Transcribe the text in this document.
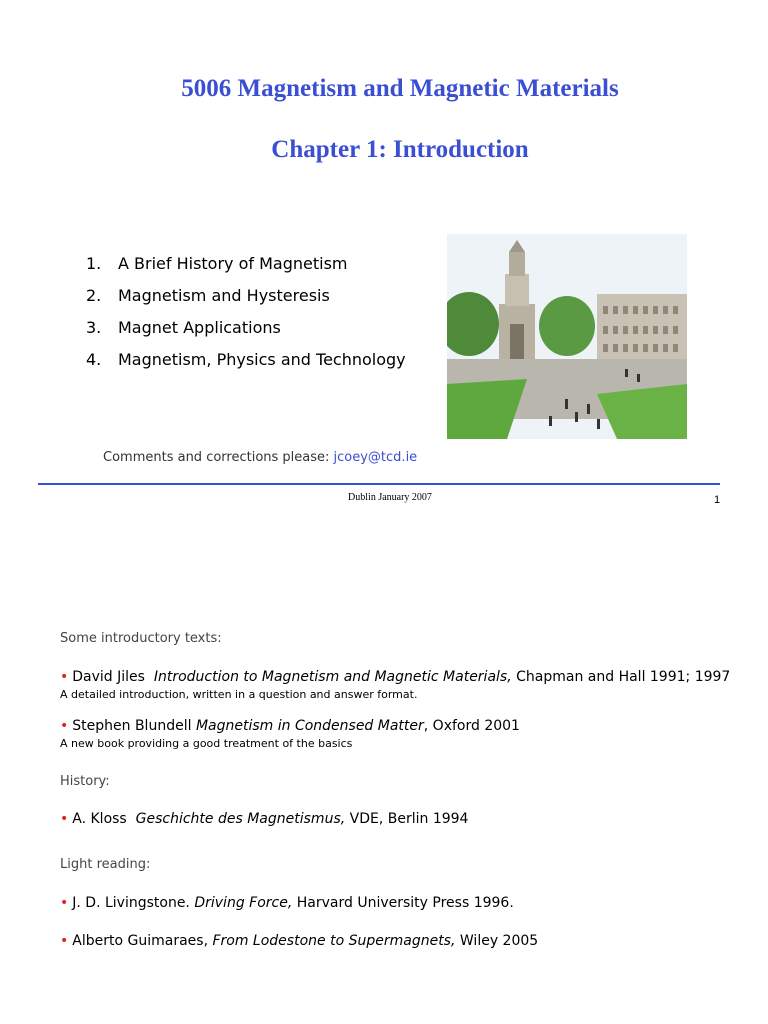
5006 Magnetism and Magnetic Materials
Chapter 1: Introduction
1.	A Brief History of Magnetism
2.	Magnetism and Hysteresis
3.	Magnet Applications
4.	Magnetism, Physics and Technology
Comments and corrections please: jcoey@tcd.ie
Dublin January 2007	1
Some introductory texts:
• David Jiles Introduction to Magnetism and Magnetic Materials, Chapman and Hall 1991; 1997
A detailed introduction, written in a question and answer format.
• Stephen Blundell Magnetism in Condensed Matter, Oxford 2001
A new book providing a good treatment of the basics
History:
• A. Kloss Geschichte des Magnetismus, VDE, Berlin 1994
Light reading:
• J. D. Livingstone. Driving Force, Harvard University Press 1996.
• Alberto Guimaraes, From Lodestone to Supermagnets, Wiley 2005
